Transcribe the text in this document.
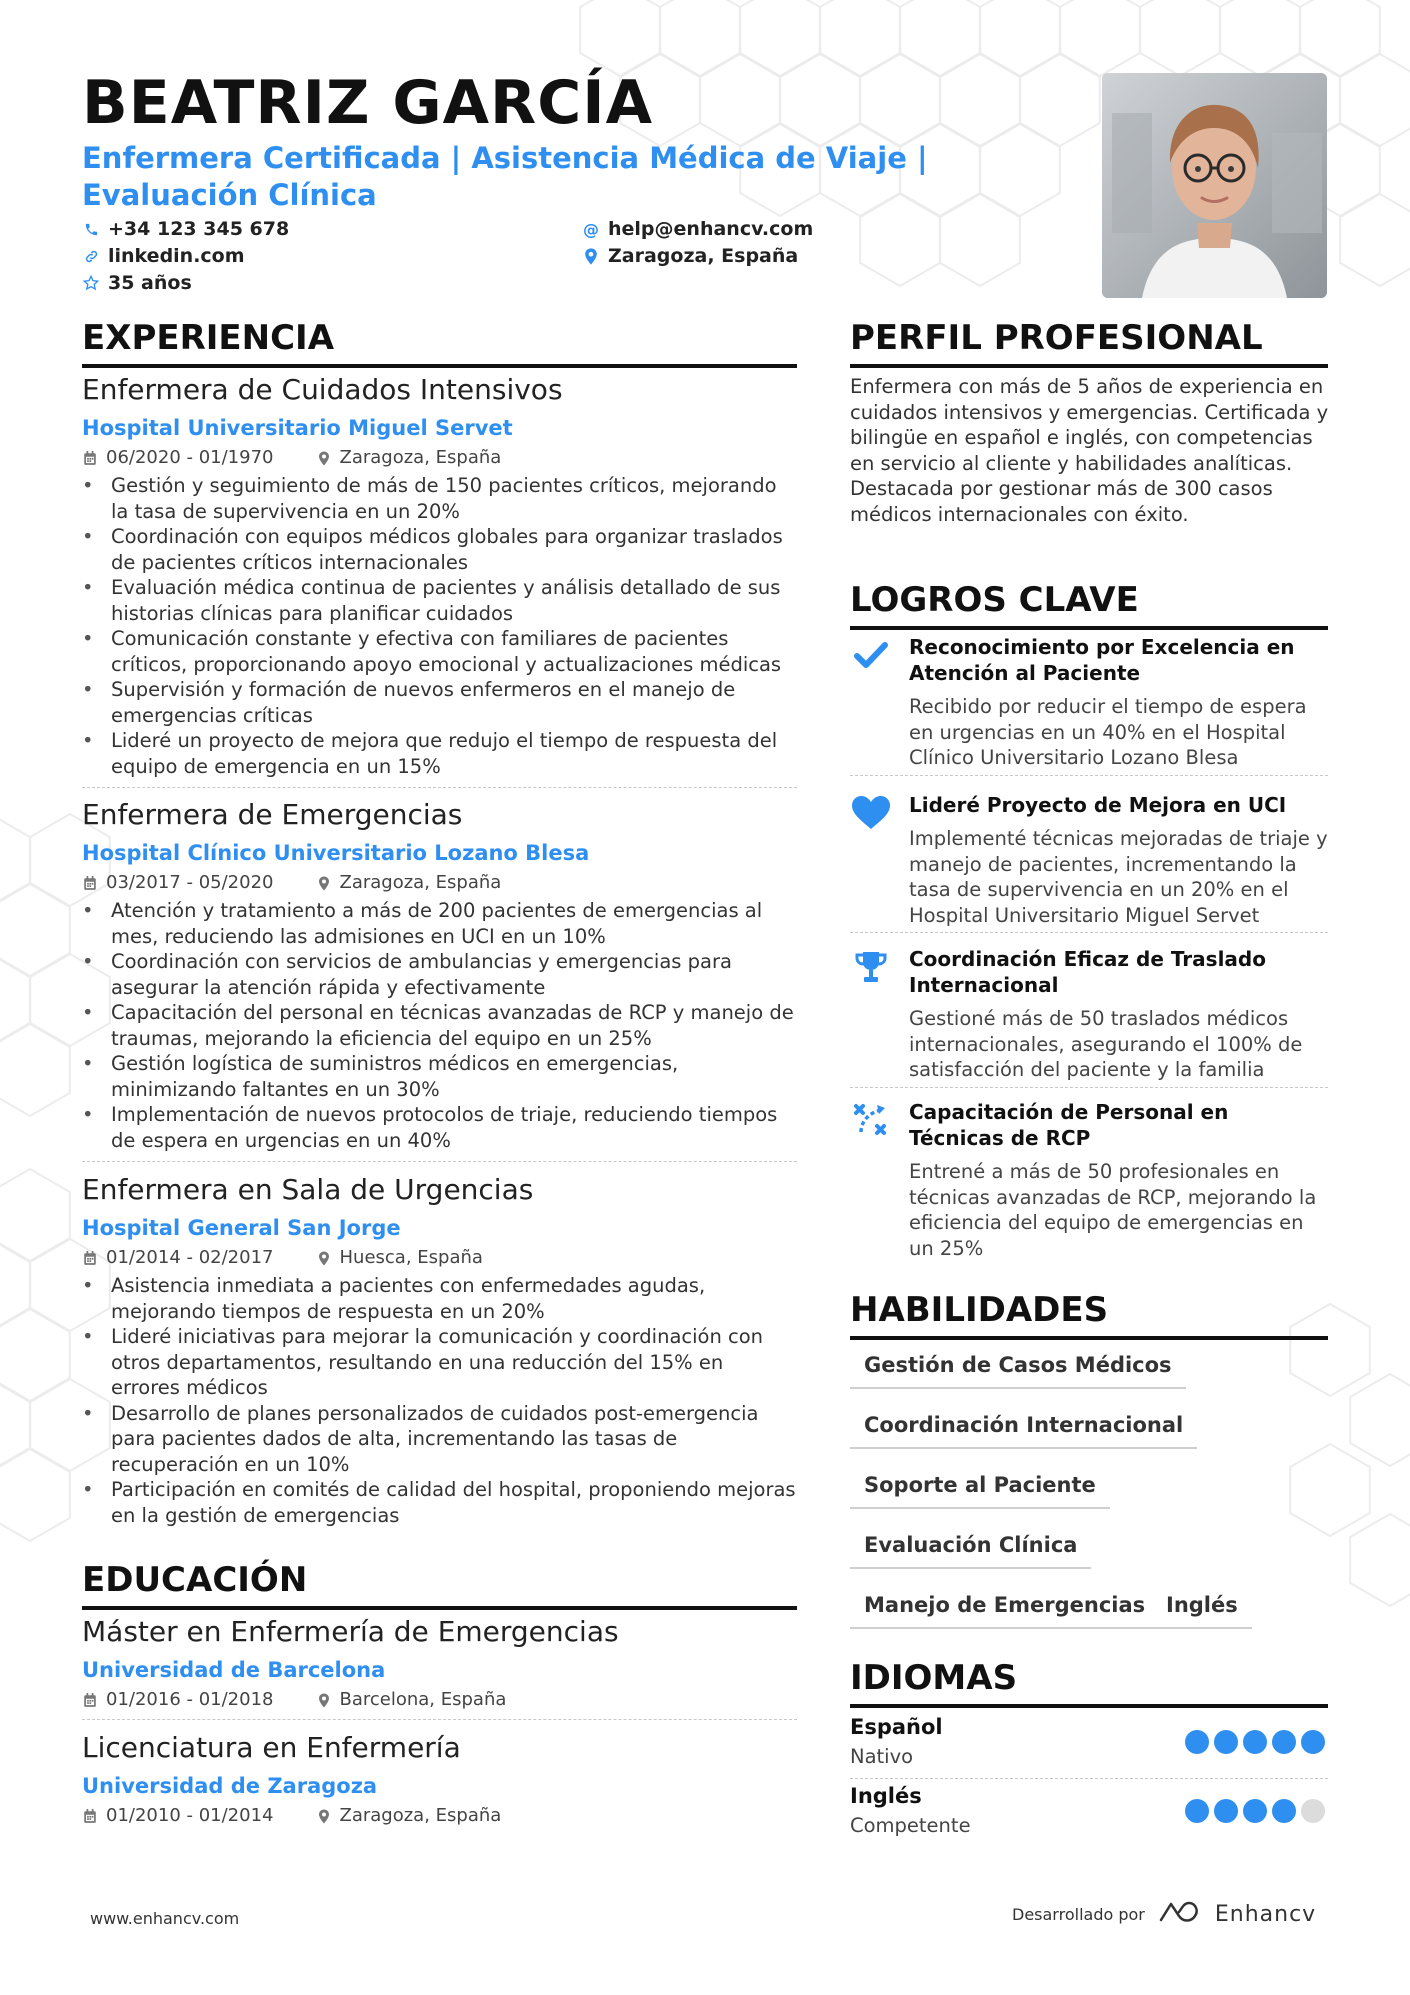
BEATRIZ GARCÍA
Enfermera Certificada | Asistencia Médica de Viaje | Evaluación Clínica
+34 123 345 678	@ help@enhancv.com
linkedin.com	Zaragoza, España
35 años
EXPERIENCIA
Enfermera de Cuidados Intensivos
Hospital Universitario Miguel Servet
06/2020 - 01/1970	Zaragoza, España
• Gestión y seguimiento de más de 150 pacientes críticos, mejorando la tasa de supervivencia en un 20%
• Coordinación con equipos médicos globales para organizar traslados de pacientes críticos internacionales
• Evaluación médica continua de pacientes y análisis detallado de sus historias clínicas para planificar cuidados
• Comunicación constante y efectiva con familiares de pacientes críticos, proporcionando apoyo emocional y actualizaciones médicas
• Supervisión y formación de nuevos enfermeros en el manejo de emergencias críticas
• Lideré un proyecto de mejora que redujo el tiempo de respuesta del equipo de emergencia en un 15%
Enfermera de Emergencias
Hospital Clínico Universitario Lozano Blesa
03/2017 - 05/2020	Zaragoza, España
• Atención y tratamiento a más de 200 pacientes de emergencias al mes, reduciendo las admisiones en UCI en un 10%
• Coordinación con servicios de ambulancias y emergencias para asegurar la atención rápida y efectivamente
• Capacitación del personal en técnicas avanzadas de RCP y manejo de traumas, mejorando la eficiencia del equipo en un 25%
• Gestión logística de suministros médicos en emergencias, minimizando faltantes en un 30%
• Implementación de nuevos protocolos de triaje, reduciendo tiempos de espera en urgencias en un 40%
Enfermera en Sala de Urgencias
Hospital General San Jorge
01/2014 - 02/2017	Huesca, España
• Asistencia inmediata a pacientes con enfermedades agudas, mejorando tiempos de respuesta en un 20%
• Lideré iniciativas para mejorar la comunicación y coordinación con otros departamentos, resultando en una reducción del 15% en errores médicos
• Desarrollo de planes personalizados de cuidados post-emergencia para pacientes dados de alta, incrementando las tasas de recuperación en un 10%
• Participación en comités de calidad del hospital, proponiendo mejoras en la gestión de emergencias
EDUCACIÓN
Máster en Enfermería de Emergencias
Universidad de Barcelona
01/2016 - 01/2018	Barcelona, España
Licenciatura en Enfermería
Universidad de Zaragoza
01/2010 - 01/2014	Zaragoza, España
PERFIL PROFESIONAL
Enfermera con más de 5 años de experiencia en cuidados intensivos y emergencias. Certificada y bilingüe en español e inglés, con competencias en servicio al cliente y habilidades analíticas. Destacada por gestionar más de 300 casos médicos internacionales con éxito.
LOGROS CLAVE
Reconocimiento por Excelencia en Atención al Paciente
Recibido por reducir el tiempo de espera en urgencias en un 40% en el Hospital Clínico Universitario Lozano Blesa
Lideré Proyecto de Mejora en UCI
Implementé técnicas mejoradas de triaje y manejo de pacientes, incrementando la tasa de supervivencia en un 20% en el Hospital Universitario Miguel Servet
Coordinación Eficaz de Traslado Internacional
Gestioné más de 50 traslados médicos internacionales, asegurando el 100% de satisfacción del paciente y la familia
Capacitación de Personal en Técnicas de RCP
Entrené a más de 50 profesionales en técnicas avanzadas de RCP, mejorando la eficiencia del equipo de emergencias en un 25%
HABILIDADES
Gestión de Casos Médicos
Coordinación Internacional
Soporte al Paciente
Evaluación Clínica
Manejo de Emergencias Inglés
IDIOMAS
Español
Nativo
Inglés
Competente
www.enhancv.com	Desarrollado por	Enhancv
